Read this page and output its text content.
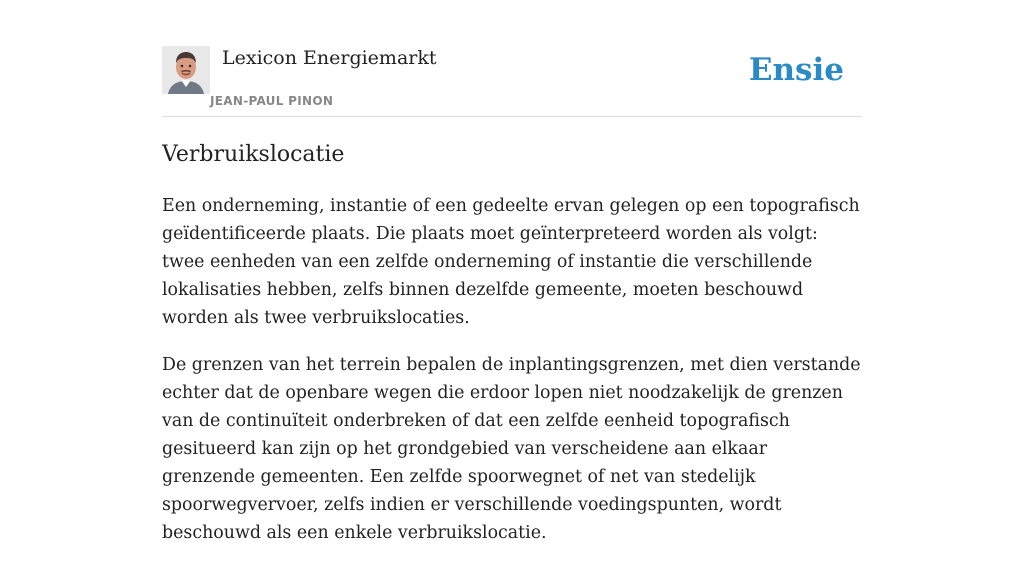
Lexicon Energiemarkt
JEAN-PAUL PINON
Ensie
Verbruikslocatie

Een onderneming, instantie of een gedeelte ervan gelegen op een topografisch geïdentificeerde plaats. Die plaats moet geïnterpreteerd worden als volgt: twee eenheden van een zelfde onderneming of instantie die verschillende lokalisaties hebben, zelfs binnen dezelfde gemeente, moeten beschouwd worden als twee verbruikslocaties.

De grenzen van het terrein bepalen de inplantingsgrenzen, met dien verstande echter dat de openbare wegen die erdoor lopen niet noodzakelijk de grenzen van de continuïteit onderbreken of dat een zelfde eenheid topografisch gesitueerd kan zijn op het grondgebied van verscheidene aan elkaar grenzende gemeenten. Een zelfde spoorwegnet of net van stedelijk spoorwegvervoer, zelfs indien er verschillende voedingspunten, wordt beschouwd als een enkele verbruikslocatie.
